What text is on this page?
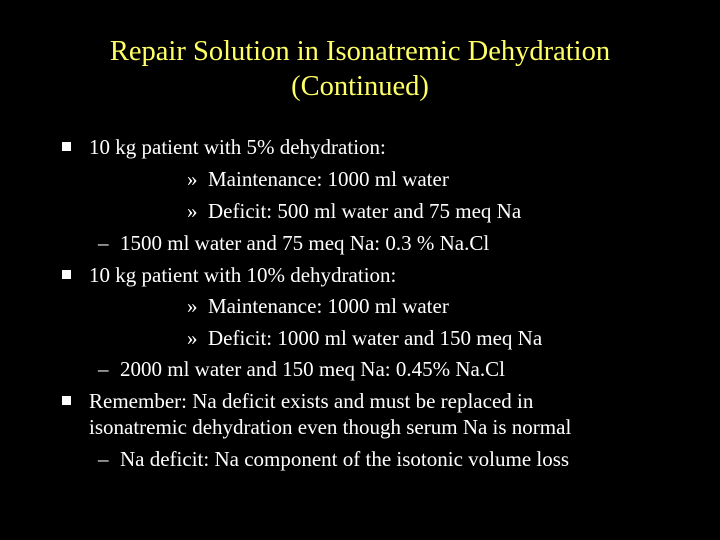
Repair Solution in Isonatremic Dehydration
(Continued)
10 kg patient with 5% dehydration:
» Maintenance: 1000 ml water
» Deficit: 500 ml water and 75 meq Na
– 1500 ml water and 75 meq Na: 0.3 % Na.Cl
10 kg patient with 10% dehydration:
» Maintenance: 1000 ml water
» Deficit: 1000 ml water and 150 meq Na
– 2000 ml water and 150 meq Na: 0.45% Na.Cl
Remember: Na deficit exists and must be replaced in
isonatremic dehydration even though serum Na is normal
– Na deficit: Na component of the isotonic volume loss
